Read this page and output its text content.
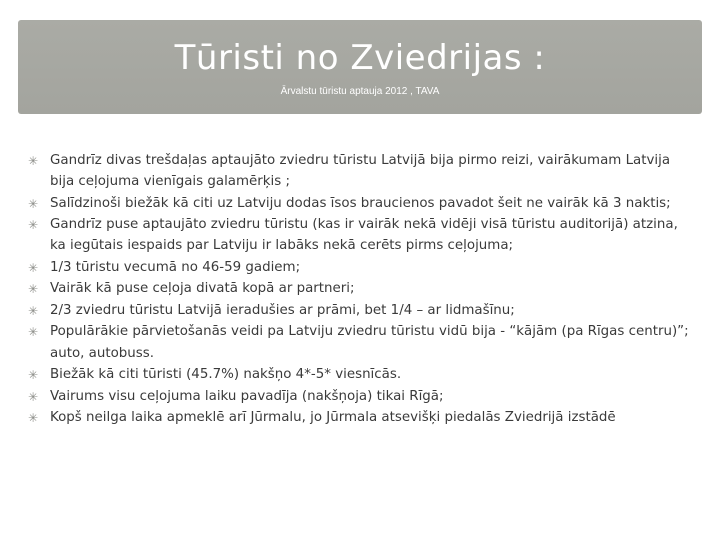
Tūristi no Zviedrijas :
Ārvalstu tūristu aptauja 2012 , TAVA
✳ Gandrīz divas trešdaļas aptaujāto zviedru tūristu Latvijā bija pirmo reizi, vairākumam Latvija bija ceļojuma vienīgais galamērķis ;
✳ Salīdzinoši biežāk kā citi uz Latviju dodas īsos braucienos pavadot šeit ne vairāk kā 3 naktis;
✳ Gandrīz puse aptaujāto zviedru tūristu (kas ir vairāk nekā vidēji visā tūristu auditorijā) atzina, ka iegūtais iespaids par Latviju ir labāks nekā cerēts pirms ceļojuma;
✳ 1/3 tūristu vecumā no 46-59 gadiem;
✳ Vairāk kā puse ceļoja divatā kopā ar partneri;
✳ 2/3 zviedru tūristu Latvijā ieradušies ar prāmi, bet 1/4 – ar lidmašīnu;
✳ Populārākie pārvietošanās veidi pa Latviju zviedru tūristu vidū bija - “kājām (pa Rīgas centru)”; auto, autobuss.
✳ Biežāk kā citi tūristi (45.7%) nakšņo 4*-5* viesnīcās.
✳ Vairums visu ceļojuma laiku pavadīja (nakšņoja) tikai Rīgā;
✳ Kopš neilga laika apmeklē arī Jūrmalu, jo Jūrmala atsevišķi piedalās Zviedrijā izstādē
